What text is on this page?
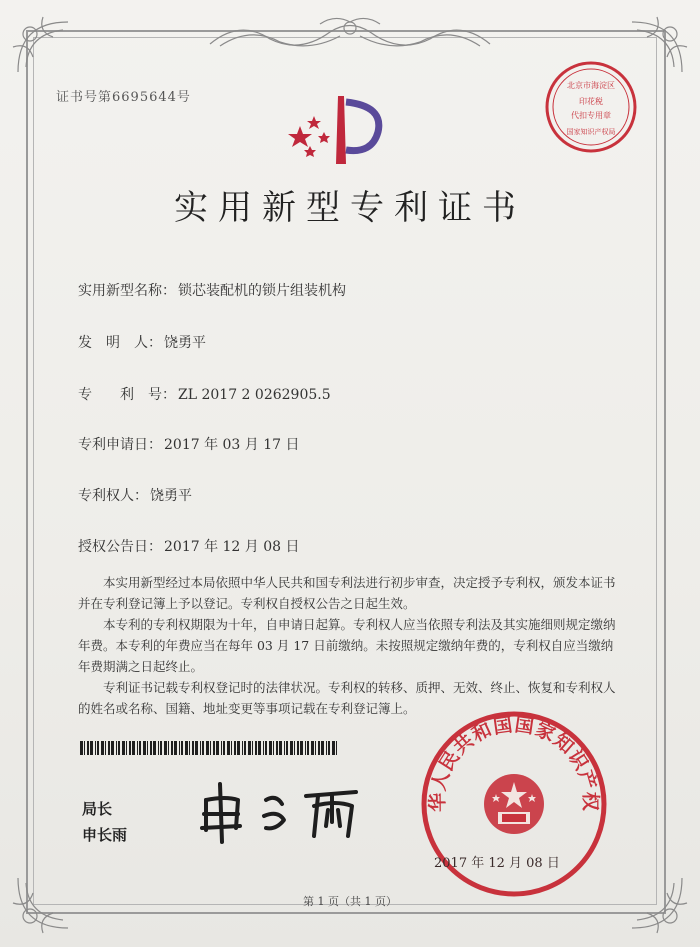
证书号第6695644号
北京市海淀区
印花税
代扣专用章
国家知识产权局
实用新型专利证书
实用新型名称： 锁芯装配机的锁片组装机构
发　明　人： 饶勇平
专　　利　号： ZL 2017 2 0262905.5
专利申请日： 2017 年 03 月 17 日
专利权人： 饶勇平
授权公告日： 2017 年 12 月 08 日

本实用新型经过本局依照中华人民共和国专利法进行初步审查，决定授予专利权，颁发本证书并在专利登记簿上予以登记。专利权自授权公告之日起生效。

本专利的专利权期限为十年，自申请日起算。专利权人应当依照专利法及其实施细则规定缴纳年费。本专利的年费应当在每年 03 月 17 日前缴纳。未按照规定缴纳年费的，专利权自应当缴纳年费期满之日起终止。

专利证书记载专利权登记时的法律状况。专利权的转移、质押、无效、终止、恢复和专利权人的姓名或名称、国籍、地址变更等事项记载在专利登记簿上。

局长
申长雨
华人民共和国国家知识产权
2017 年 12 月 08 日
第 1 页（共 1 页）
